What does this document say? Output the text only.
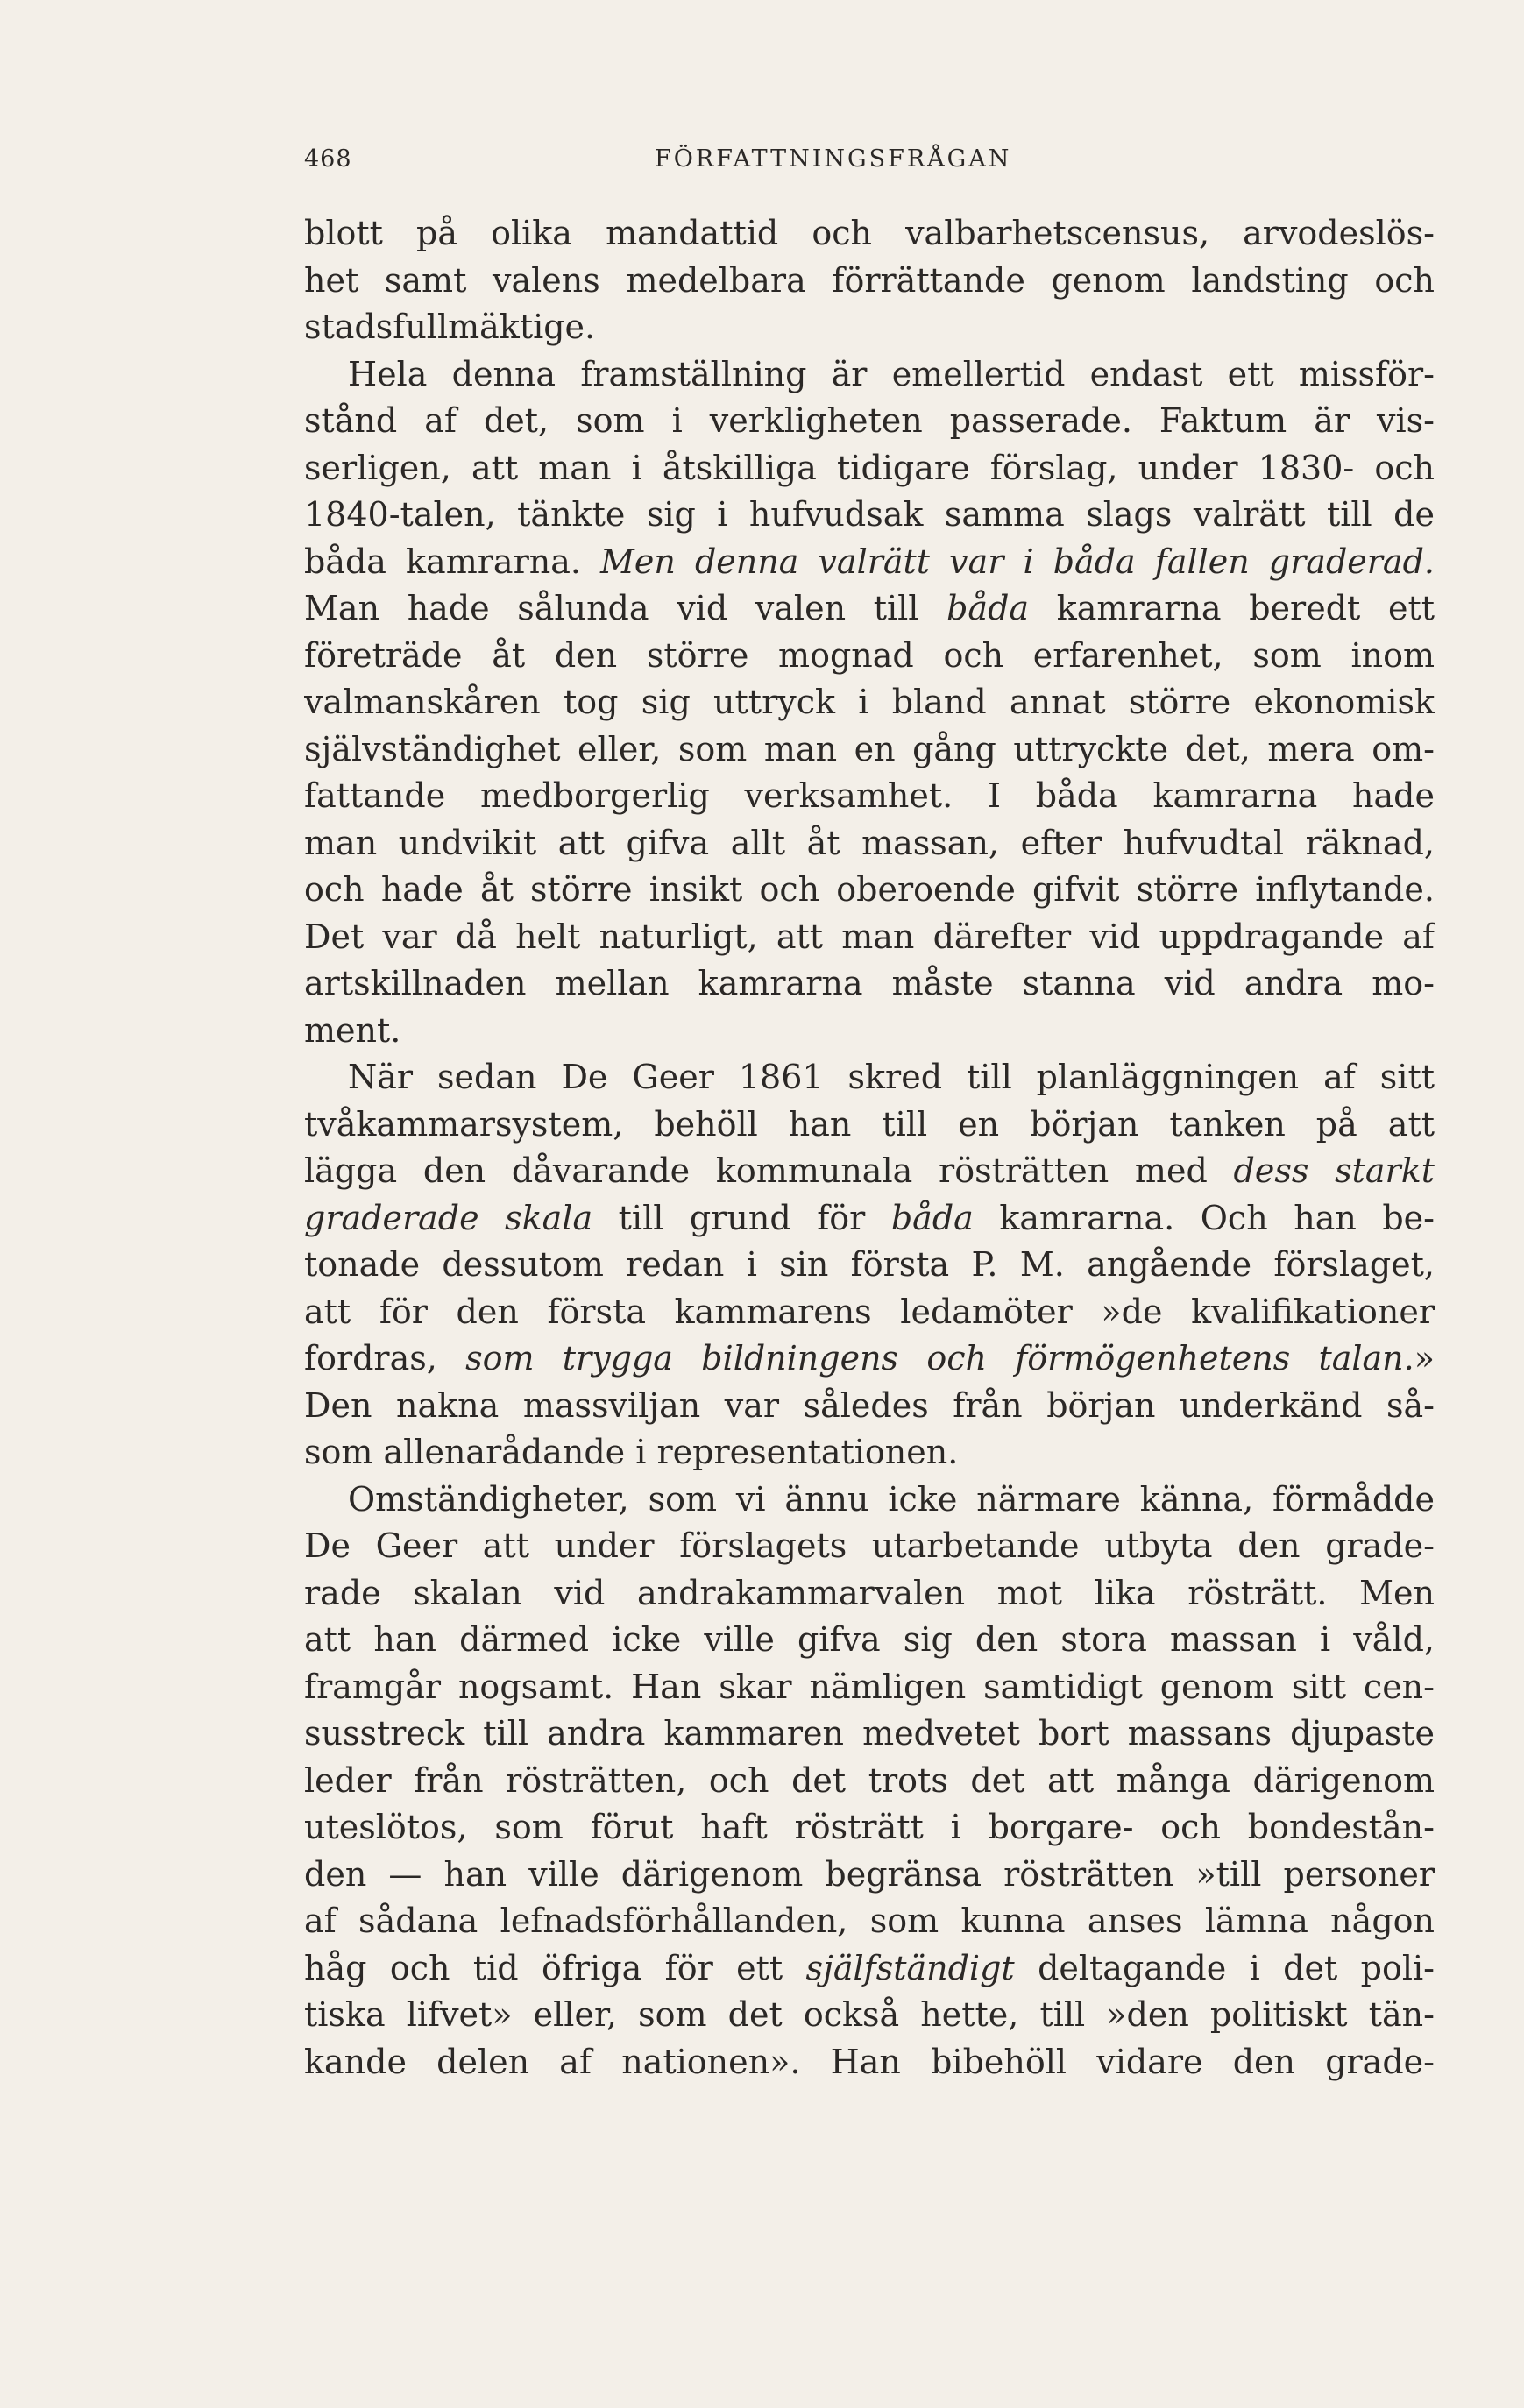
468	FÖRFATTNINGSFRÅGAN
blott på olika mandattid och valbarhetscensus, arvodeslös-
het samt valens medelbara förrättande genom landsting och
stadsfullmäktige.
Hela denna framställning är emellertid endast ett missför-
stånd af det, som i verkligheten passerade. Faktum är vis-
serligen, att man i åtskilliga tidigare förslag, under 1830- och
1840-talen, tänkte sig i hufvudsak samma slags valrätt till de
båda kamrarna. Men denna valrätt var i båda fallen graderad.
Man hade sålunda vid valen till båda kamrarna beredt ett
företräde åt den större mognad och erfarenhet, som inom
valmanskåren tog sig uttryck i bland annat större ekonomisk
självständighet eller, som man en gång uttryckte det, mera om-
fattande medborgerlig verksamhet. I båda kamrarna hade
man undvikit att gifva allt åt massan, efter hufvudtal räknad,
och hade åt större insikt och oberoende gifvit större inflytande.
Det var då helt naturligt, att man därefter vid uppdragande af
artskillnaden mellan kamrarna måste stanna vid andra mo-
ment.
När sedan De Geer 1861 skred till planläggningen af sitt
tvåkammarsystem, behöll han till en början tanken på att
lägga den dåvarande kommunala rösträtten med dess starkt
graderade skala till grund för båda kamrarna. Och han be-
tonade dessutom redan i sin första P. M. angående förslaget,
att för den första kammarens ledamöter »de kvalifikationer
fordras, som trygga bildningens och förmögenhetens talan.»
Den nakna massviljan var således från början underkänd så-
som allenarådande i representationen.
Omständigheter, som vi ännu icke närmare känna, förmådde
De Geer att under förslagets utarbetande utbyta den grade-
rade skalan vid andrakammarvalen mot lika rösträtt. Men
att han därmed icke ville gifva sig den stora massan i våld,
framgår nogsamt. Han skar nämligen samtidigt genom sitt cen-
susstreck till andra kammaren medvetet bort massans djupaste
leder från rösträtten, och det trots det att många därigenom
uteslötos, som förut haft rösträtt i borgare- och bondestån-
den — han ville därigenom begränsa rösträtten »till personer
af sådana lefnadsförhållanden, som kunna anses lämna någon
håg och tid öfriga för ett själfständigt deltagande i det poli-
tiska lifvet» eller, som det också hette, till »den politiskt tän-
kande delen af nationen». Han bibehöll vidare den grade-
